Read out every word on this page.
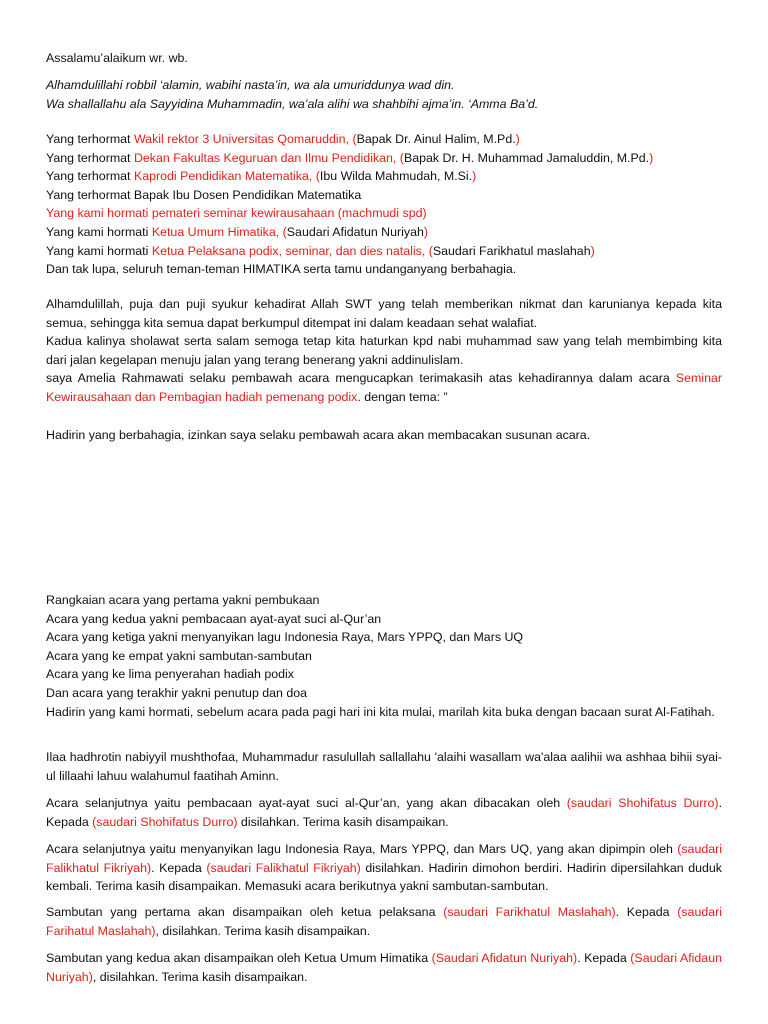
Assalamu’alaikum wr. wb.

Alhamdulillahi robbil ‘alamin, wabihi nasta’in, wa ala umuriddunya wad din.
Wa shallallahu ala Sayyidina Muhammadin, wa’ala alihi wa shahbihi ajma’in. ‘Amma Ba’d.
Yang terhormat Wakil rektor 3 Universitas Qomaruddin, (Bapak Dr. Ainul Halim, M.Pd.)
Yang terhormat Dekan Fakultas Keguruan dan Ilmu Pendidikan, (Bapak Dr. H. Muhammad Jamaluddin, M.Pd.)
Yang terhormat Kaprodi Pendidikan Matematika, (Ibu Wilda Mahmudah, M.Si.)
Yang terhormat Bapak Ibu Dosen Pendidikan Matematika
Yang kami hormati pemateri seminar kewirausahaan (machmudi spd)
Yang kami hormati Ketua Umum Himatika, (Saudari Afidatun Nuriyah)
Yang kami hormati Ketua Pelaksana podix, seminar, dan dies natalis, (Saudari Farikhatul maslahah)
Dan tak lupa, seluruh teman-teman HIMATIKA serta tamu undanganyang berbahagia.

Alhamdulillah, puja dan puji syukur kehadirat Allah SWT yang telah memberikan nikmat dan karunianya kepada kita semua, sehingga kita semua dapat berkumpul ditempat ini dalam keadaan sehat walafiat.

Kadua kalinya sholawat serta salam semoga tetap kita haturkan kpd nabi muhammad saw yang telah membimbing kita dari jalan kegelapan menuju jalan yang terang benerang yakni addinulislam.

saya Amelia Rahmawati selaku pembawah acara mengucapkan terimakasih atas kehadirannya dalam acara Seminar Kewirausahaan dan Pembagian hadiah pemenang podix. dengan tema: ”

Hadirin yang berbahagia, izinkan saya selaku pembawah acara akan membacakan susunan acara.

Rangkaian acara yang pertama yakni pembukaan
Acara yang kedua yakni pembacaan ayat-ayat suci al-Qur’an
Acara yang ketiga yakni menyanyikan lagu Indonesia Raya, Mars YPPQ, dan Mars UQ
Acara yang ke empat yakni sambutan-sambutan
Acara yang ke lima penyerahan hadiah podix
Dan acara yang terakhir yakni penutup dan doa

Hadirin yang kami hormati, sebelum acara pada pagi hari ini kita mulai, marilah kita buka dengan bacaan surat Al-Fatihah.

Ilaa hadhrotin nabiyyil mushthofaa, Muhammadur rasulullah sallallahu 'alaihi wasallam wa'alaa aalihii wa ashhaa bihii syai-ul lillaahi lahuu walahumul faatihah Aminn.

Acara selanjutnya yaitu pembacaan ayat-ayat suci al-Qur’an, yang akan dibacakan oleh (saudari Shohifatus Durro). Kepada (saudari Shohifatus Durro) disilahkan. Terima kasih disampaikan.

Acara selanjutnya yaitu menyanyikan lagu Indonesia Raya, Mars YPPQ, dan Mars UQ, yang akan dipimpin oleh (saudari Falikhatul Fikriyah). Kepada (saudari Falikhatul Fikriyah) disilahkan. Hadirin dimohon berdiri. Hadirin dipersilahkan duduk kembali. Terima kasih disampaikan. Memasuki acara berikutnya yakni sambutan-sambutan.

Sambutan yang pertama akan disampaikan oleh ketua pelaksana (saudari Farikhatul Maslahah). Kepada (saudari Farihatul Maslahah), disilahkan. Terima kasih disampaikan.

Sambutan yang kedua akan disampaikan oleh Ketua Umum Himatika (Saudari Afidatun Nuriyah). Kepada (Saudari Afidaun Nuriyah), disilahkan. Terima kasih disampaikan.
